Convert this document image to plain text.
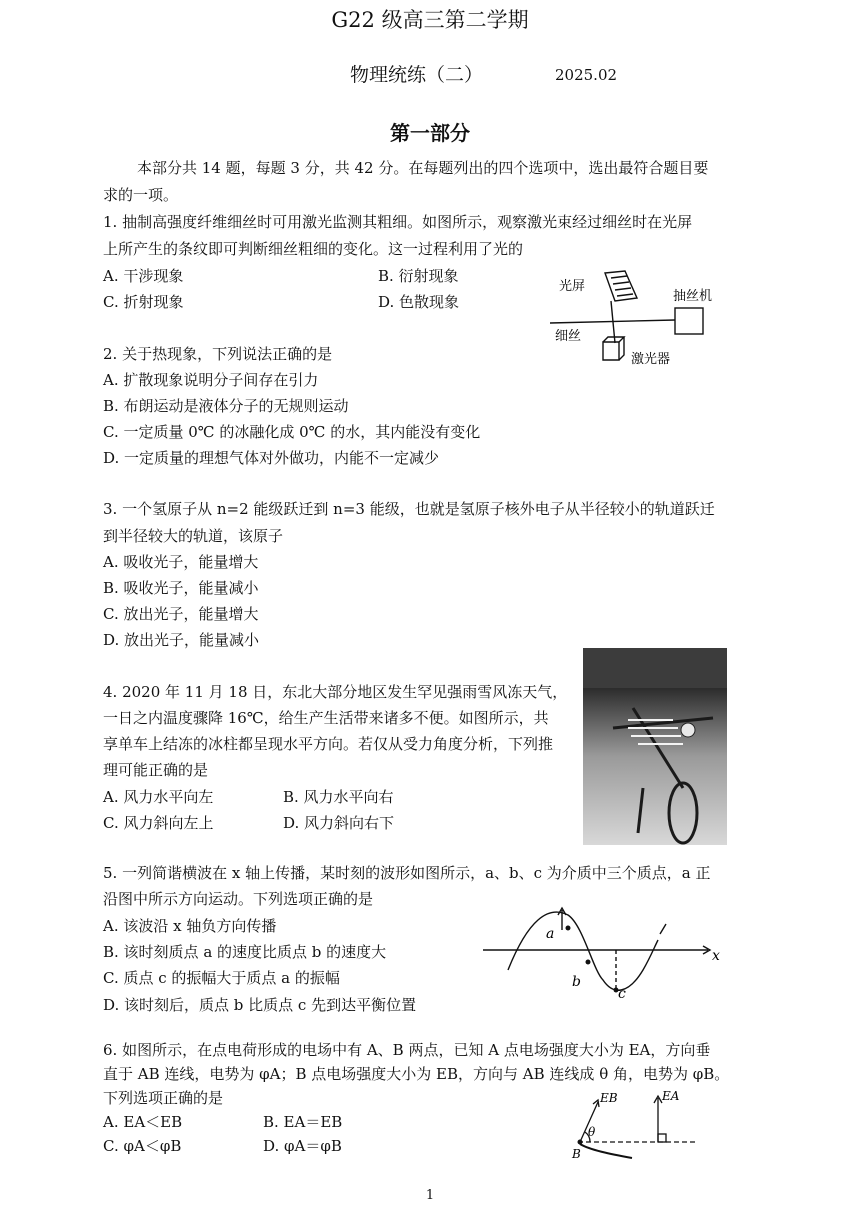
G22 级高三第二学期
物理统练（二）	2025.02
第一部分
本部分共 14 题，每题 3 分，共 42 分。在每题列出的四个选项中，选出最符合题目要
求的一项。
1. 抽制高强度纤维细丝时可用激光监测其粗细。如图所示，观察激光束经过细丝时在光屏
上所产生的条纹即可判断细丝粗细的变化。这一过程利用了光的
A. 干涉现象	B. 衍射现象
C. 折射现象	D. 色散现象
光屏
抽丝机
细丝
激光器
2. 关于热现象，下列说法正确的是
A. 扩散现象说明分子间存在引力
B. 布朗运动是液体分子的无规则运动
C. 一定质量 0℃ 的冰融化成 0℃ 的水，其内能没有变化
D. 一定质量的理想气体对外做功，内能不一定减少
3. 一个氢原子从 n=2 能级跃迁到 n=3 能级，也就是氢原子核外电子从半径较小的轨道跃迁
到半径较大的轨道，该原子
A. 吸收光子，能量增大
B. 吸收光子，能量减小
C. 放出光子，能量增大
D. 放出光子，能量减小
4. 2020 年 11 月 18 日，东北大部分地区发生罕见强雨雪风冻天气，
一日之内温度骤降 16℃，给生产生活带来诸多不便。如图所示，共
享单车上结冻的冰柱都呈现水平方向。若仅从受力角度分析，下列推
理可能正确的是
A. 风力水平向左	B. 风力水平向右
C. 风力斜向左上	D. 风力斜向右下
5. 一列简谐横波在 x 轴上传播，某时刻的波形如图所示，a、b、c 为介质中三个质点，a 正
沿图中所示方向运动。下列选项正确的是
A. 该波沿 x 轴负方向传播
B. 该时刻质点 a 的速度比质点 b 的速度大
C. 质点 c 的振幅大于质点 a 的振幅
D. 该时刻后，质点 b 比质点 c 先到达平衡位置
a
b
c
x
6. 如图所示，在点电荷形成的电场中有 A、B 两点，已知 A 点电场强度大小为 EA，方向垂
直于 AB 连线，电势为 φA；B 点电场强度大小为 EB，方向与 AB 连线成 θ 角，电势为 φB。
下列选项正确的是
A. EA＜EB	B. EA＝EB
C. φA＜φB	D. φA＝φB
EB	EA
θ
B
1
